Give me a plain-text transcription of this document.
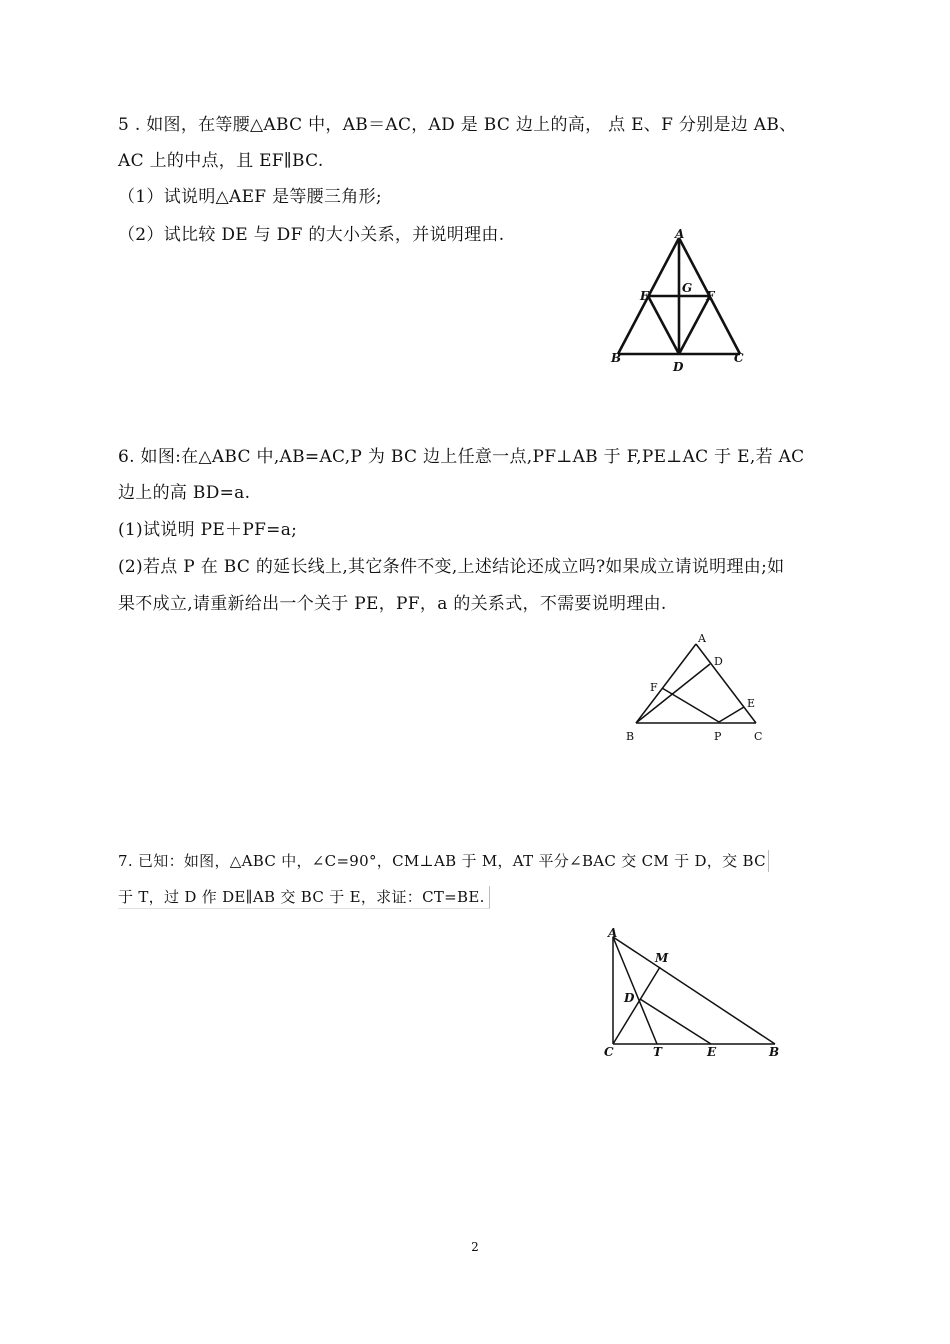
5 . 如图，在等腰△ABC 中，AB＝AC，AD 是 BC 边上的高， 点 E、F 分别是边 AB、
AC 上的中点，且 EF∥BC.
（1）试说明△AEF 是等腰三角形;
（2）试比较 DE 与 DF 的大小关系，并说明理由.	A
E
G
F
B
D
C
6. 如图:在△ABC 中,AB=AC,P 为 BC 边上任意一点,PF⊥AB 于 F,PE⊥AC 于 E,若 AC
边上的高 BD=a.
(1)试说明 PE＋PF=a;
(2)若点 P 在 BC 的延长线上,其它条件不变,上述结论还成立吗?如果成立请说明理由;如
果不成立,请重新给出一个关于 PE，PF，a 的关系式，不需要说明理由.
A
D
F
E
B	P	C
7. 已知：如图，△ABC 中，∠C=90°，CM⊥AB 于 M，AT 平分∠BAC 交 CM 于 D，交 BC
于 T，过 D 作 DE∥AB 交 BC 于 E，求证：CT=BE.
A
M
D
C	T	E	B
2
